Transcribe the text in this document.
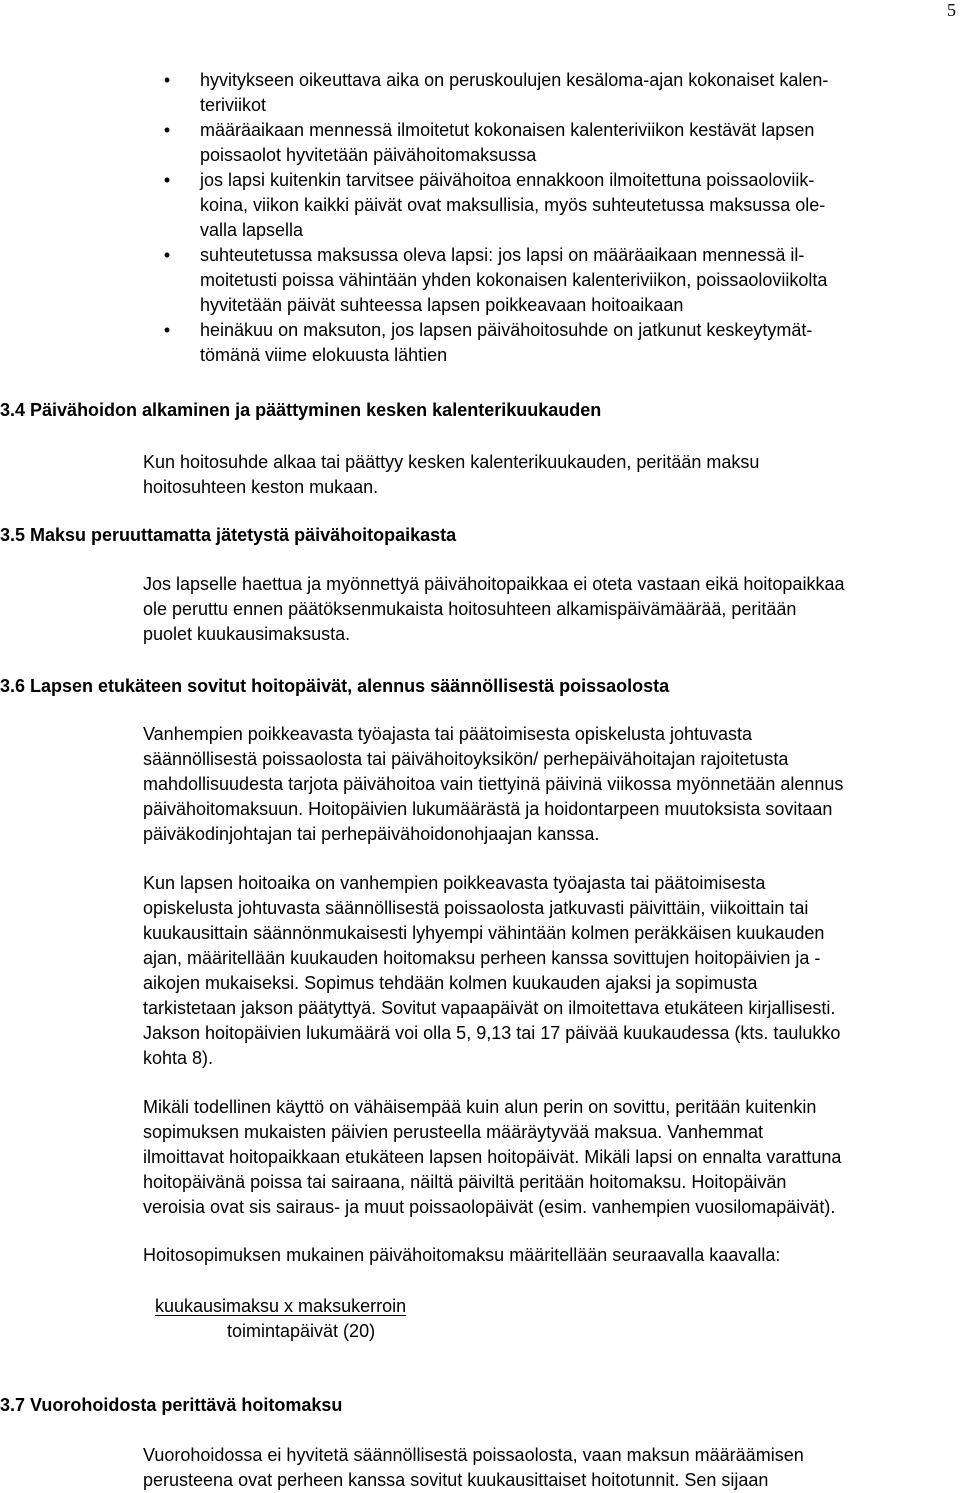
5
• hyvitykseen oikeuttava aika on peruskoulujen kesäloma-ajan kokonaiset kalen-
teriviikot
• määräaikaan mennessä ilmoitetut kokonaisen kalenteriviikon kestävät lapsen
poissaolot hyvitetään päivähoitomaksussa
• jos lapsi kuitenkin tarvitsee päivähoitoa ennakkoon ilmoitettuna poissaoloviik-
koina, viikon kaikki päivät ovat maksullisia, myös suhteutetussa maksussa ole-
valla lapsella
• suhteutetussa maksussa oleva lapsi: jos lapsi on määräaikaan mennessä il-
moitetusti poissa vähintään yhden kokonaisen kalenteriviikon, poissaoloviikolta
hyvitetään päivät suhteessa lapsen poikkeavaan hoitoaikaan
• heinäkuu on maksuton, jos lapsen päivähoitosuhde on jatkunut keskeytymät-
tömänä viime elokuusta lähtien
3.4 Päivähoidon alkaminen ja päättyminen kesken kalenterikuukauden
Kun hoitosuhde alkaa tai päättyy kesken kalenterikuukauden, peritään maksu
hoitosuhteen keston mukaan.
3.5 Maksu peruuttamatta jätetystä päivähoitopaikasta
Jos lapselle haettua ja myönnettyä päivähoitopaikkaa ei oteta vastaan eikä hoitopaikkaa
ole peruttu ennen päätöksenmukaista hoitosuhteen alkamispäivämäärää, peritään
puolet kuukausimaksusta.
3.6 Lapsen etukäteen sovitut hoitopäivät, alennus säännöllisestä poissaolosta
Vanhempien poikkeavasta työajasta tai päätoimisesta opiskelusta johtuvasta
säännöllisestä poissaolosta tai päivähoitoyksikön/ perhepäivähoitajan rajoitetusta
mahdollisuudesta tarjota päivähoitoa vain tiettyinä päivinä viikossa myönnetään alennus
päivähoitomaksuun. Hoitopäivien lukumäärästä ja hoidontarpeen muutoksista sovitaan
päiväkodinjohtajan tai perhepäivähoidonohjaajan kanssa.
Kun lapsen hoitoaika on vanhempien poikkeavasta työajasta tai päätoimisesta
opiskelusta johtuvasta säännöllisestä poissaolosta jatkuvasti päivittäin, viikoittain tai
kuukausittain säännönmukaisesti lyhyempi vähintään kolmen peräkkäisen kuukauden
ajan, määritellään kuukauden hoitomaksu perheen kanssa sovittujen hoitopäivien ja -
aikojen mukaiseksi. Sopimus tehdään kolmen kuukauden ajaksi ja sopimusta
tarkistetaan jakson päätyttyä. Sovitut vapaapäivät on ilmoitettava etukäteen kirjallisesti.
Jakson hoitopäivien lukumäärä voi olla 5, 9,13 tai 17 päivää kuukaudessa (kts. taulukko
kohta 8).
Mikäli todellinen käyttö on vähäisempää kuin alun perin on sovittu, peritään kuitenkin
sopimuksen mukaisten päivien perusteella määräytyvää maksua. Vanhemmat
ilmoittavat hoitopaikkaan etukäteen lapsen hoitopäivät. Mikäli lapsi on ennalta varattuna
hoitopäivänä poissa tai sairaana, näiltä päiviltä peritään hoitomaksu. Hoitopäivän
veroisia ovat sis sairaus- ja muut poissaolopäivät (esim. vanhempien vuosilomapäivät).
Hoitosopimuksen mukainen päivähoitomaksu määritellään seuraavalla kaavalla:
kuukausimaksu x maksukerroin
toimintapäivät (20)
3.7 Vuorohoidosta perittävä hoitomaksu
Vuorohoidossa ei hyvitetä säännöllisestä poissaolosta, vaan maksun määräämisen
perusteena ovat perheen kanssa sovitut kuukausittaiset hoitotunnit. Sen sijaan
